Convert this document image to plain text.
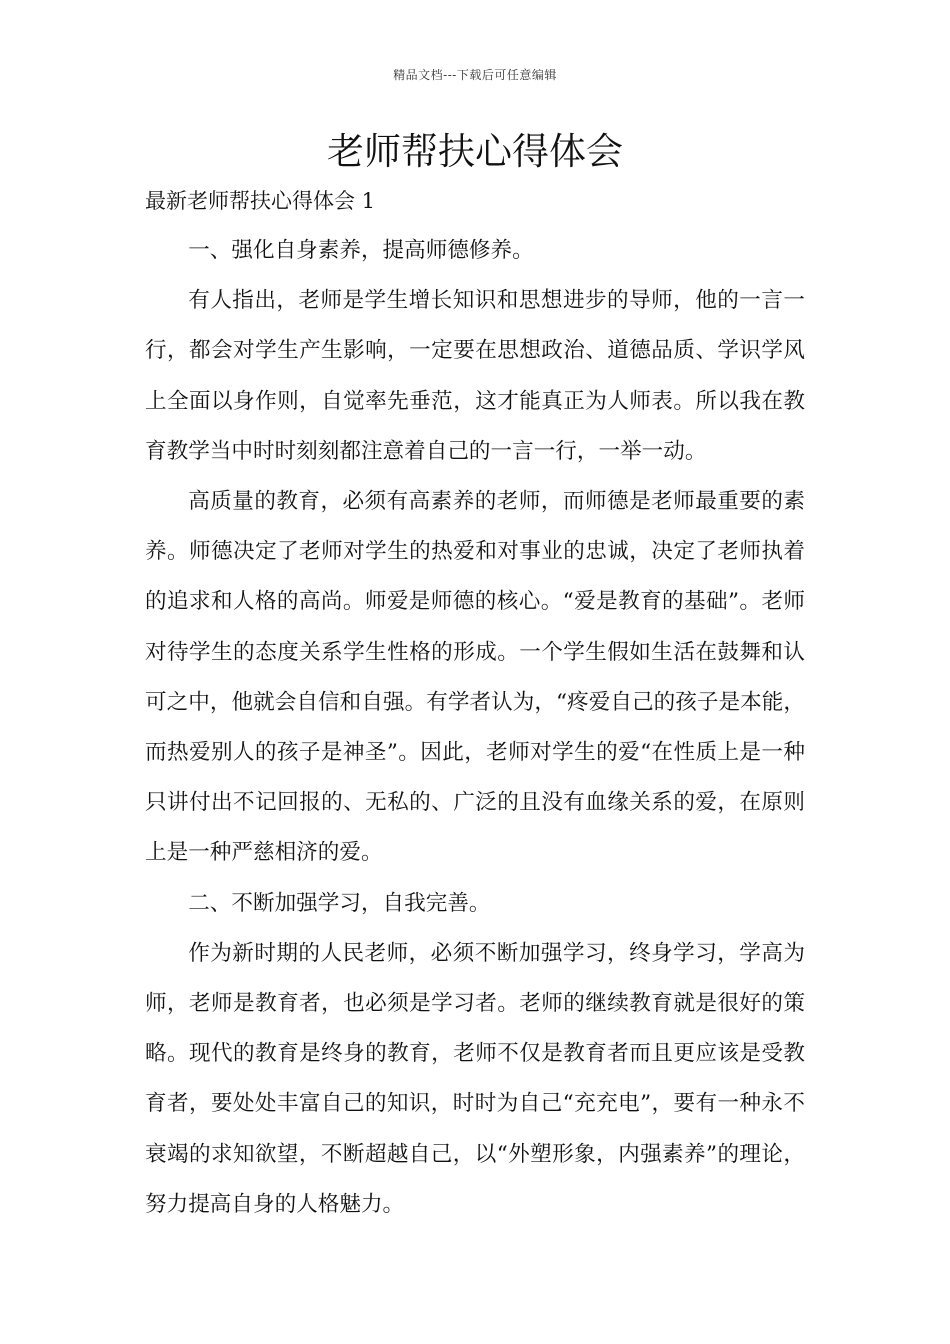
精品文档---下载后可任意编辑
老师帮扶心得体会

最新老师帮扶心得体会 1

一、强化自身素养，提高师德修养。

有人指出，老师是学生增长知识和思想进步的导师，他的一言一行，都会对学生产生影响，一定要在思想政治、道德品质、学识学风上全面以身作则，自觉率先垂范，这才能真正为人师表。所以我在教育教学当中时时刻刻都注意着自己的一言一行，一举一动。

高质量的教育，必须有高素养的老师，而师德是老师最重要的素养。师德决定了老师对学生的热爱和对事业的忠诚，决定了老师执着的追求和人格的高尚。师爱是师德的核心。“爱是教育的基础”。老师对待学生的态度关系学生性格的形成。一个学生假如生活在鼓舞和认可之中，他就会自信和自强。有学者认为，“疼爱自己的孩子是本能，而热爱别人的孩子是神圣”。因此，老师对学生的爱“在性质上是一种只讲付出不记回报的、无私的、广泛的且没有血缘关系的爱，在原则上是一种严慈相济的爱。

二、不断加强学习，自我完善。

作为新时期的人民老师，必须不断加强学习，终身学习，学高为师，老师是教育者，也必须是学习者。老师的继续教育就是很好的策略。现代的教育是终身的教育，老师不仅是教育者而且更应该是受教育者，要处处丰富自己的知识，时时为自己“充充电”，要有一种永不衰竭的求知欲望，不断超越自己，以“外塑形象，内强素养”的理论，努力提高自身的人格魅力。
